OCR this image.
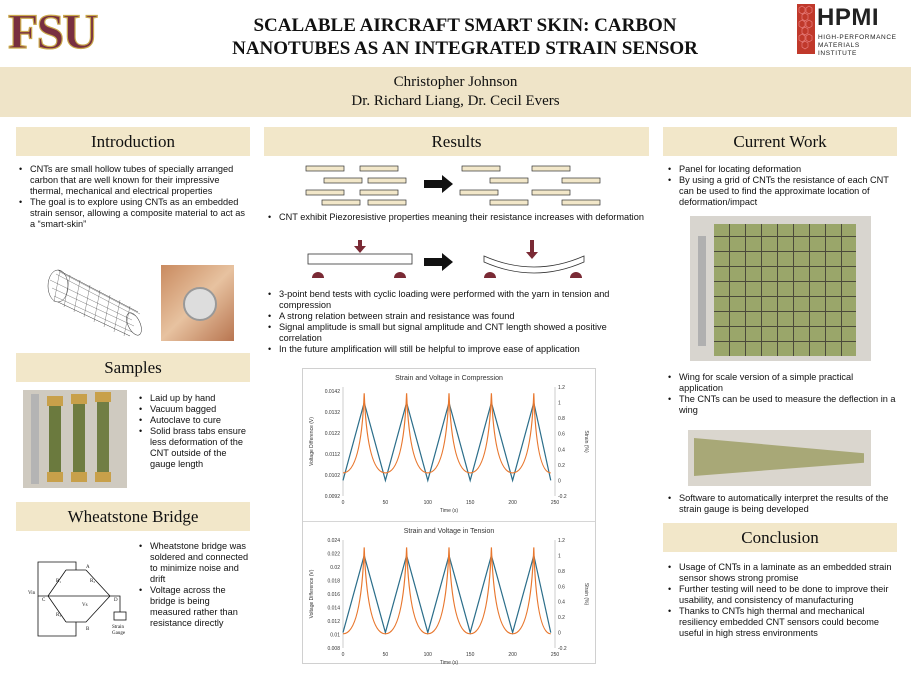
FSU	SCALABLE AIRCRAFT SMART SKIN: CARBON
NANOTUBES AS AN INTEGRATED STRAIN SENSOR
HPMI
HIGH-PERFORMANCE
MATERIALS
INSTITUTE
Christopher Johnson
Dr. Richard Liang, Dr. Cecil Evers
Introduction
• CNTs are small hollow tubes of specially arranged carbon that are well known for their impressive thermal, mechanical and electrical properties
• The goal is to explore using CNTs as an embedded strain sensor, allowing a composite material to act as a “smart-skin”
Samples
• Laid up by hand
• Vacuum bagged
• Autoclave to cure
• Solid brass tabs ensure less deformation of the CNT outside of the gauge length
Wheatstone Bridge
R₁	R₂
R₃
A
B
C	D
Vin
Vs
Strain
Gauge
• Wheatstone bridge was soldered and connected to minimize noise and drift
• Voltage across the bridge is being measured rather than resistance directly
Results
• CNT exhibit Piezoresistive properties meaning their resistance increases with deformation
• 3-point bend tests with cyclic loading were performed with the yarn in tension and compression
• A strong relation between strain and resistance was found
• Signal amplitude is small but signal amplitude and CNT length showed a positive correlation
• In the future amplification will still be helpful to improve ease of application
Strain and Voltage in Compression
0	50	100	150	200	250
0.0092
0.0102
0.0112
0.0122
0.0132
0.0142
-0.2
0
0.2
0.4
0.6
0.8
1
1.2
Time (s)
Voltage Difference (V)	Strain (%)
Strain and Voltage in Tension
0	50	100	150	200	250
0.008
0.01
0.012
0.014
0.016
0.018
0.02
0.022
0.024
-0.2
0
0.2
0.4
0.6
0.8
1
1.2
Time (s)
Voltage Difference (V)	Strain (%)
Current Work
• Panel for locating deformation
• By using a grid of CNTs the resistance of each CNT can be used to find the approximate location of deformation/impact
• Wing for scale version of a simple practical application
• The CNTs can be used to measure the deflection in a wing
• Software to automatically interpret the results of the strain gauge is being developed
Conclusion
• Usage of CNTs in a laminate as an embedded strain sensor shows strong promise
• Further testing will need to be done to improve their usability, and consistency of manufacturing
• Thanks to CNTs high thermal and mechanical resiliency embedded CNT sensors could become useful in high stress environments
